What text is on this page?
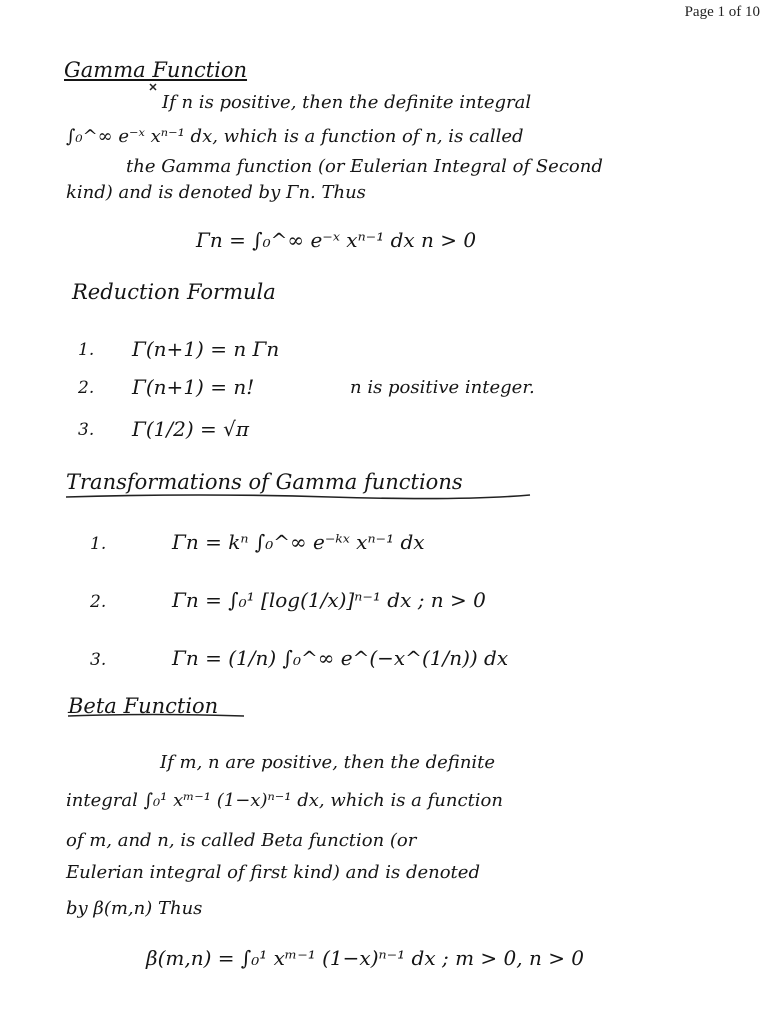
Page 1 of 10
Gamma Function
If n is positive, then the definite integral
∫₀^∞ e⁻ˣ xⁿ⁻¹ dx, which is a function of n, is called
the Gamma function (or Eulerian Integral of Second
kind) and is denoted by Γn. Thus
Γn = ∫₀^∞ e⁻ˣ xⁿ⁻¹ dx n > 0
Reduction Formula
1. Γ(n+1) = n Γn
2. Γ(n+1) = n!	n is positive integer.
3. Γ(1/2) = √π
Transformations of Gamma functions
1.	Γn = kⁿ ∫₀^∞ e⁻ᵏˣ xⁿ⁻¹ dx
2.	Γn = ∫₀¹ [log(1/x)]ⁿ⁻¹ dx ; n > 0
3.	Γn = (1/n) ∫₀^∞ e^(−x^(1/n)) dx
Beta Function
If m, n are positive, then the definite
integral ∫₀¹ xᵐ⁻¹ (1−x)ⁿ⁻¹ dx, which is a function
of m, and n, is called Beta function (or
Eulerian integral of first kind) and is denoted
by β(m,n) Thus
β(m,n) = ∫₀¹ xᵐ⁻¹ (1−x)ⁿ⁻¹ dx ; m > 0, n > 0
